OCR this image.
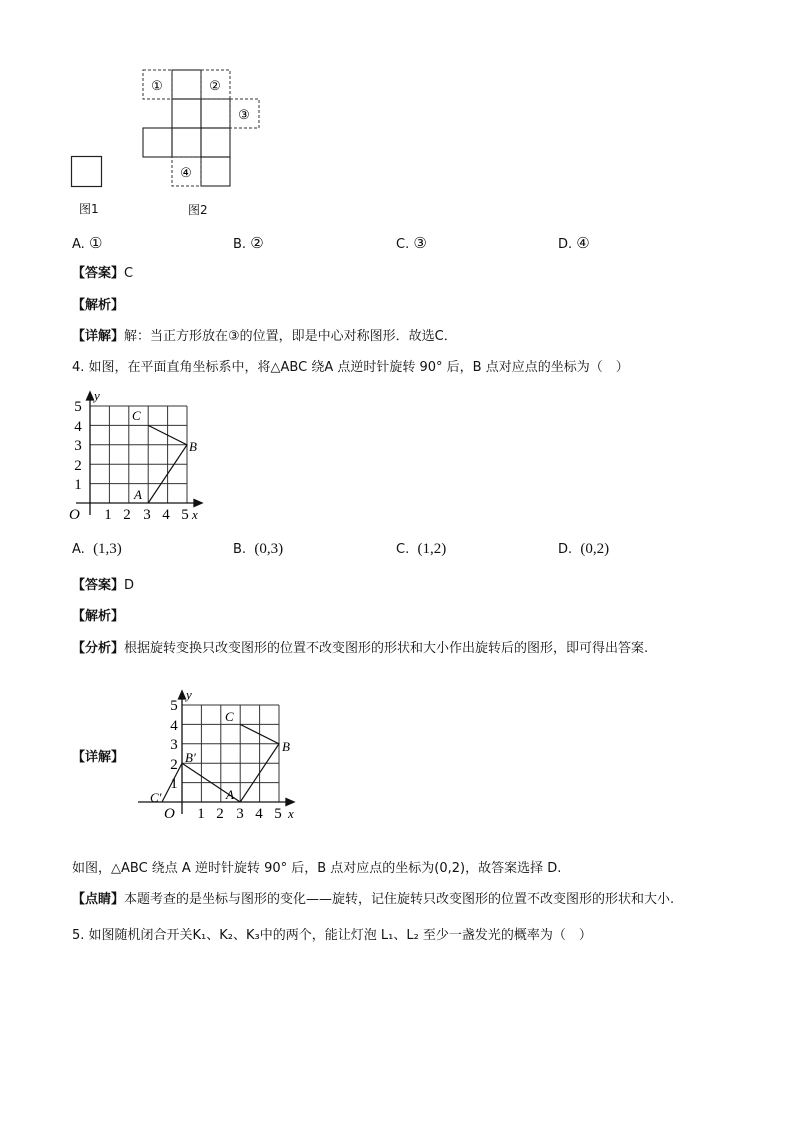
图1
①	②
③
④
图2
A. ①	B. ②	C. ③	D. ④
【答案】C
【解析】
【详解】解：当正方形放在③的位置，即是中心对称图形．故选C．
4. 如图，在平面直角坐标系中，将△ABC 绕A 点逆时针旋转 90° 后，B 点对应点的坐标为（　）
y
x
O
1
2
3
4
5
1 2 3 4 5
C
B
A
A. (1,3)	B. (0,3)	C. (1,2)	D. (0,2)
【答案】D
【解析】
【分析】根据旋转变换只改变图形的位置不改变图形的形状和大小作出旋转后的图形，即可得出答案.
【详解】
y
x
O
1
2
3
4
5
1 2 3 4 5
C
B
A
B′
C′
如图，△ABC 绕点 A 逆时针旋转 90° 后，B 点对应点的坐标为(0,2)，故答案选择 D.
【点睛】本题考查的是坐标与图形的变化——旋转，记住旋转只改变图形的位置不改变图形的形状和大小.
5. 如图随机闭合开关K₁、K₂、K₃中的两个，能让灯泡 L₁、L₂ 至少一盏发光的概率为（　）
